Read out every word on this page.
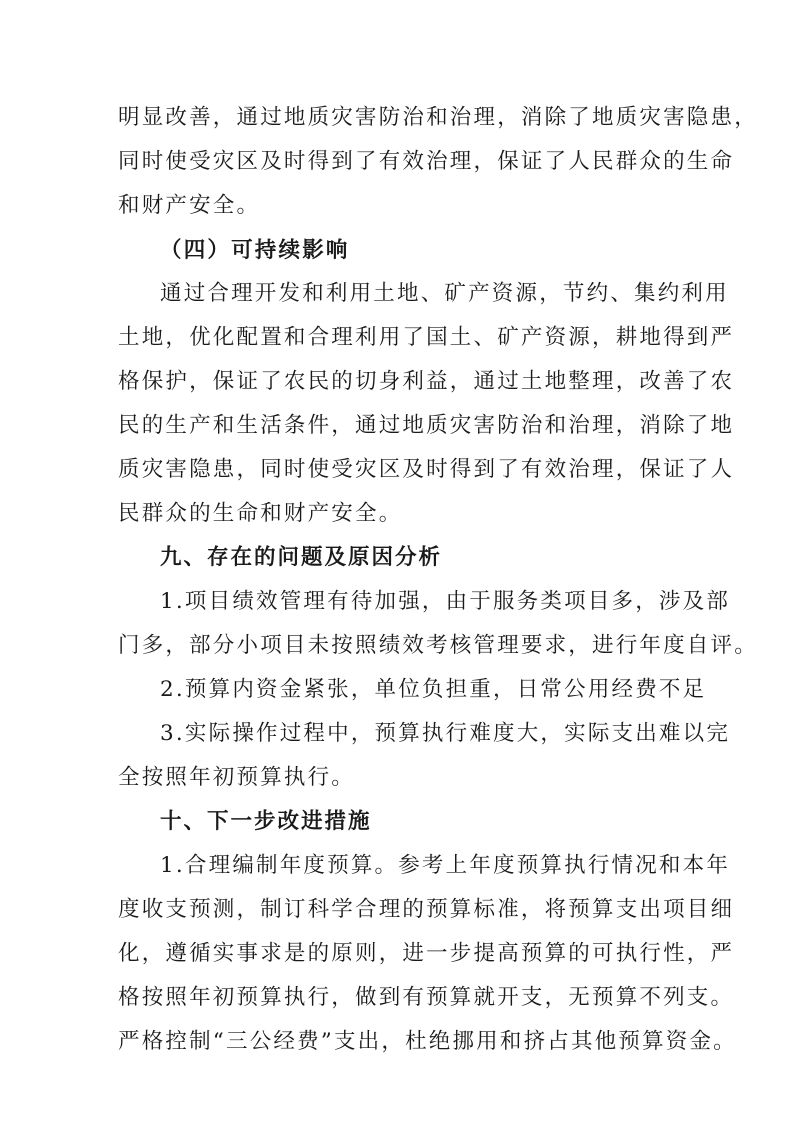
明显改善，通过地质灾害防治和治理，消除了地质灾害隐患，
同时使受灾区及时得到了有效治理，保证了人民群众的生命
和财产安全。
（四）可持续影响
通过合理开发和利用土地、矿产资源，节约、集约利用
土地，优化配置和合理利用了国土、矿产资源，耕地得到严
格保护，保证了农民的切身利益，通过土地整理，改善了农
民的生产和生活条件，通过地质灾害防治和治理，消除了地
质灾害隐患，同时使受灾区及时得到了有效治理，保证了人
民群众的生命和财产安全。
九、存在的问题及原因分析
1.项目绩效管理有待加强，由于服务类项目多，涉及部
门多，部分小项目未按照绩效考核管理要求，进行年度自评。
2.预算内资金紧张，单位负担重，日常公用经费不足
3.实际操作过程中，预算执行难度大，实际支出难以完
全按照年初预算执行。
十、下一步改进措施
1.合理编制年度预算。参考上年度预算执行情况和本年
度收支预测，制订科学合理的预算标准，将预算支出项目细
化，遵循实事求是的原则，进一步提高预算的可执行性，严
格按照年初预算执行，做到有预算就开支，无预算不列支。
严格控制“三公经费”支出，杜绝挪用和挤占其他预算资金。
